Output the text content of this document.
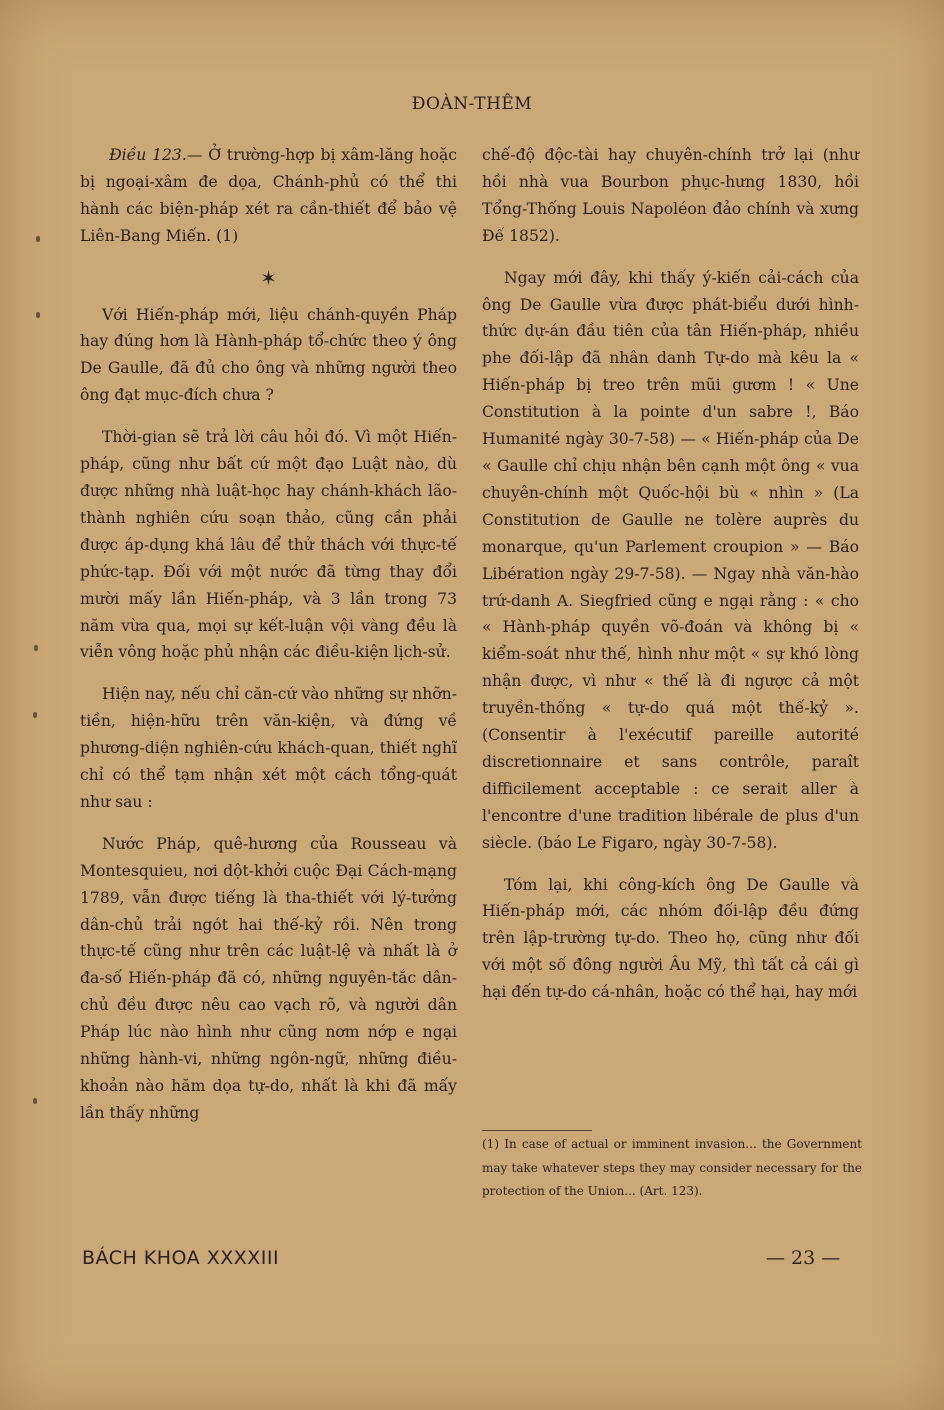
ĐOÀN-THÊM

Điều 123.— Ở trường-hợp bị xâm-lăng hoặc bị ngoại-xâm đe dọa, Chánh-phủ có thể thi hành các biện-pháp xét ra cần-thiết để bảo vệ Liên-Bang Miến. (1)

✶

Với Hiến-pháp mới, liệu chánh-quyền Pháp hay đúng hơn là Hành-pháp tổ-chức theo ý ông De Gaulle, đã đủ cho ông và những người theo ông đạt mục-đích chưa ?

Thời-gian sẽ trả lời câu hỏi đó. Vì một Hiến-pháp, cũng như bất cứ một đạo Luật nào, dù được những nhà luật-học hay chánh-khách lão-thành nghiên cứu soạn thảo, cũng cần phải được áp-dụng khá lâu để thử thách với thực-tế phức-tạp. Đối với một nước đã từng thay đổi mười mấy lần Hiến-pháp, và 3 lần trong 73 năm vừa qua, mọi sự kết-luận vội vàng đều là viễn vông hoặc phủ nhận các điều-kiện lịch-sử.

Hiện nay, nếu chỉ căn-cứ vào những sự nhỡn-tiền, hiện-hữu trên văn-kiện, và đứng về phương-diện nghiên-cứu khách-quan, thiết nghĩ chỉ có thể tạm nhận xét một cách tổng-quát như sau :

Nước Pháp, quê-hương của Rousseau và Montesquieu, nơi dột-khởi cuộc Đại Cách-mạng 1789, vẫn được tiếng là tha-thiết với lý-tưởng dân-chủ trải ngót hai thế-kỷ rồi. Nên trong thực-tế cũng như trên các luật-lệ và nhất là ở đa-số Hiến-pháp đã có, những nguyên-tắc dân-chủ đều được nêu cao vạch rõ, và người dân Pháp lúc nào hình như cũng nơm nớp e ngại những hành-vi, những ngôn-ngữ, những điều-khoản nào hăm dọa tự-do, nhất là khi đã mấy lần thấy những

chế-độ độc-tài hay chuyên-chính trở lại (như hồi nhà vua Bourbon phục-hưng 1830, hồi Tổng-Thống Louis Napoléon đảo chính và xưng Đế 1852).

Ngay mới đây, khi thấy ý-kiến cải-cách của ông De Gaulle vừa được phát-biểu dưới hình-thức dự-án đầu tiên của tân Hiến-pháp, nhiều phe đối-lập đã nhân danh Tự-do mà kêu la « Hiến-pháp bị treo trên mũi gươm ! « Une Constitution à la pointe d'un sabre !, Báo Humanité ngày 30-7-58) — « Hiến-pháp của De « Gaulle chỉ chịu nhận bên cạnh một ông « vua chuyên-chính một Quốc-hội bù « nhìn » (La Constitution de Gaulle ne tolère auprès du monarque, qu'un Parlement croupion » — Báo Libération ngày 29-7-58). — Ngay nhà văn-hào trứ-danh A. Siegfried cũng e ngại rằng : « cho « Hành-pháp quyền võ-đoán và không bị « kiểm-soát như thế, hình như một « sự khó lòng nhận được, vì như « thế là đi ngược cả một truyền-thống « tự-do quá một thế-kỷ ». (Consentir à l'exécutif pareille autorité discretionnaire et sans contrôle, paraît difficilement acceptable : ce serait aller à l'encontre d'une tradition libérale de plus d'un siècle. (báo Le Figaro, ngày 30-7-58).

Tóm lại, khi công-kích ông De Gaulle và Hiến-pháp mới, các nhóm đối-lập đều đứng trên lập-trường tự-do. Theo họ, cũng như đối với một số đông người Âu Mỹ, thì tất cả cái gì hại đến tự-do cá-nhân, hoặc có thể hại, hay mới

(1) In case of actual or imminent invasion... the Government may take whatever steps they may consider necessary for the protection of the Union... (Art. 123).
BÁCH KHOA XXXXIII	— 23 —
